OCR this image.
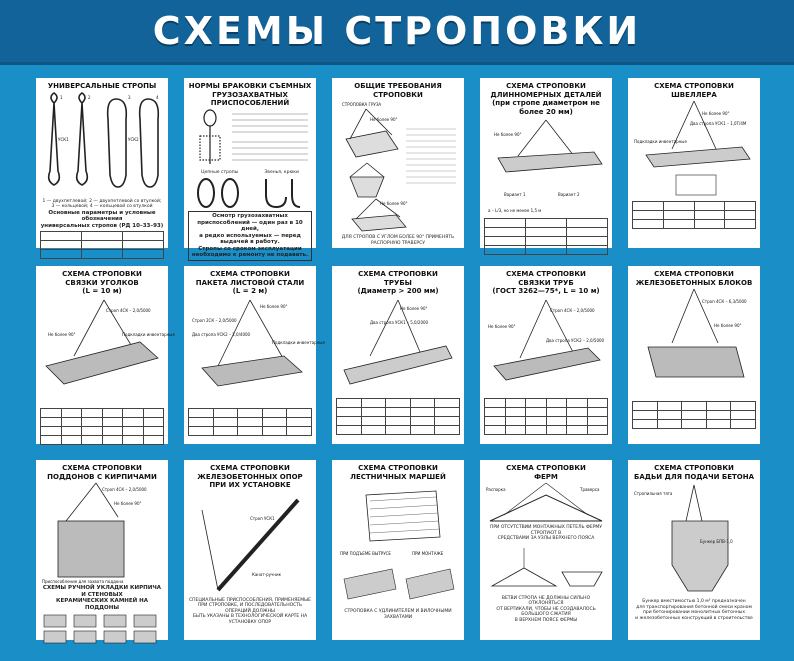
СХЕМЫ СТРОПОВКИ
УНИВЕРСАЛЬНЫЕ СТРОПЫ
1	2	3	4
УСК1	УСК2
1 — двухпетлевой; 2 — двухпетлевой со втулкой;
3 — кольцевой; 4 — кольцевой со втулкой
Основные параметры и условные обозначения
универсальных стропов (РД 10–33–93)

НОРМЫ БРАКОВКИ СЪЕМНЫХ
ГРУЗОЗАХВАТНЫХ ПРИСПОСОБЛЕНИЙ
Цепные стропы	Звенья, крюки
Осмотр грузозахватных приспособлений — один раз в 10 дней,
а редко используемых — перед выдачей в работу.
Стропы со сроком эксплуатации необходимо к ремонту не подавать.
ОБЩИЕ ТРЕБОВАНИЯ
СТРОПОВКИ
СТРОПОВКА ГРУЗА
Не более 90°
Не более 90°
ДЛЯ СТРОПОВ С УГЛОМ БОЛЕЕ 90° ПРИМЕНЯТЬ РАСПОРНУЮ ТРАВЕРСУ
СХЕМА СТРОПОВКИ
ДЛИННОМЕРНЫХ ДЕТАЛЕЙ
(при стропе диаметром не более 20 мм)
Не более 90°
Вариант 1	Вариант 2
a – L/3, но не менее 1,5 м

СХЕМА СТРОПОВКИ
ШВЕЛЛЕРА
Не более 90°
Два стропа УСК1 – 1,0T/4M
Подкладки инвентарные

СХЕМА СТРОПОВКИ
СВЯЗКИ УГОЛКОВ
(L = 10 м)
Строп 4СК – 2,0/5000
Не более 90°	Подкладки инвентарные

СХЕМА СТРОПОВКИ
ПАКЕТА ЛИСТОВОЙ СТАЛИ
(L = 2 м)
Не более 90°
Строп 2СК – 2,0/5000
Два стропа УСК2 – 2,0/4000
Подкладки инвентарные

СХЕМА СТРОПОВКИ
ТРУБЫ
(Диаметр > 200 мм)
Не более 90°
Два стропа УСК1 – 5,0/2000

СХЕМА СТРОПОВКИ
СВЯЗКИ ТРУБ
(ГОСТ 3262—75*, L = 10 м)
Строп 4СК – 2,0/5000
Не более 90°
Два стропа УСК2 – 2,0/5000

СХЕМА СТРОПОВКИ
ЖЕЛЕЗОБЕТОННЫХ БЛОКОВ
Строп 4СК – 6,3/5000
Не более 90°

СХЕМА СТРОПОВКИ
ПОДДОНОВ С КИРПИЧАМИ
Строп 4СК – 2,0/5000
Не более 90°
Приспособление для захвата поддона
СХЕМЫ РУЧНОЙ УКЛАДКИ КИРПИЧА И СТЕНОВЫХ
КЕРАМИЧЕСКИХ КАМНЕЙ НА ПОДДОНЫ
СХЕМА СТРОПОВКИ
ЖЕЛЕЗОБЕТОННЫХ ОПОР
ПРИ ИХ УСТАНОВКЕ
Строп УСК1
Канат-ручник
СПЕЦИАЛЬНЫЕ ПРИСПОСОБЛЕНИЯ, ПРИМЕНЯЕМЫЕ
ПРИ СТРОПОВКЕ, И ПОСЛЕДОВАТЕЛЬНОСТЬ ОПЕРАЦИЙ ДОЛЖНЫ
БЫТЬ УКАЗАНЫ В ТЕХНОЛОГИЧЕСКОЙ КАРТЕ НА УСТАНОВКУ ОПОР
СХЕМА СТРОПОВКИ
ЛЕСТНИЧНЫХ МАРШЕЙ
ПРИ ПОДЪЕМЕ ВЫТРУСЕ	ПРИ МОНТАЖЕ
СТРОПОВКА С УДЛИНИТЕЛЕМ И ВИЛОЧНЫМИ ЗАХВАТАМИ
СХЕМА СТРОПОВКИ
ФЕРМ
Траверса
Распорка
ПРИ ОТСУТСТВИИ МОНТАЖНЫХ ПЕТЕЛЬ ФЕРМУ СТРОПУЮТ В
СРЕДСТВАМИ ЗА УЗЛЫ ВЕРХНЕГО ПОЯСА
ВЕТВИ СТРОПА НЕ ДОЛЖНЫ СИЛЬНО ОТКЛОНЯТЬСЯ
ОТ ВЕРТИКАЛИ, ЧТОБЫ НЕ СОЗДАВАЛОСЬ БОЛЬШОГО СЖАТИЯ
В ВЕРХНЕМ ПОЯСЕ ФЕРМЫ
СХЕМА СТРОПОВКИ
БАДЬИ ДЛЯ ПОДАЧИ БЕТОНА
Стропильная тяга
Бункер БПВ-1,0
Бункер вместимостью 1,0 м³ предназначен
для транспортирования бетонной смеси краном
при бетонировании монолитных бетонных
и железобетонных конструкций в строительстве
